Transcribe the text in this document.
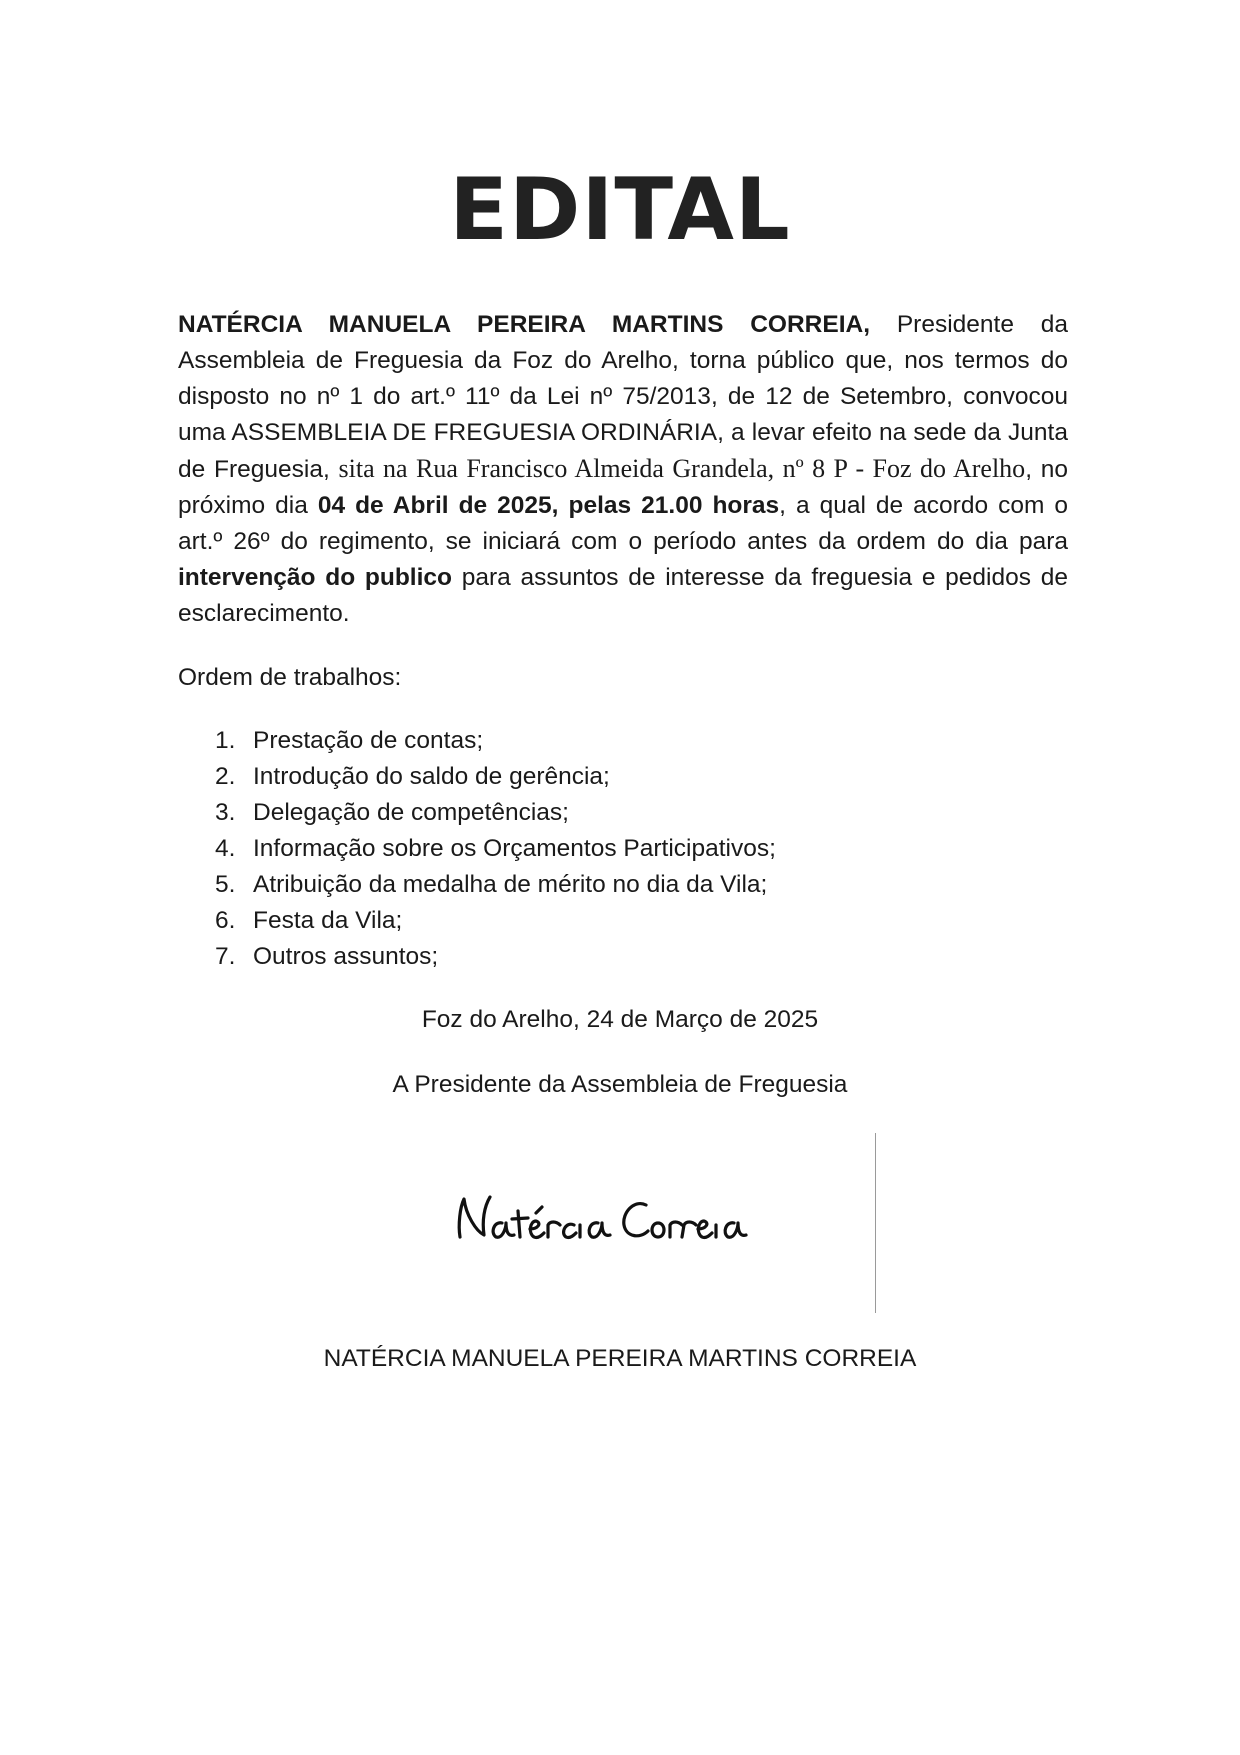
EDITAL

NATÉRCIA MANUELA PEREIRA MARTINS CORREIA, Presidente da Assembleia de Freguesia da Foz do Arelho, torna público que, nos termos do disposto no nº 1 do art.º 11º da Lei nº 75/2013, de 12 de Setembro, convocou uma ASSEMBLEIA DE FREGUESIA ORDINÁRIA, a levar efeito na sede da Junta de Freguesia, sita na Rua Francisco Almeida Grandela, nº 8 P - Foz do Arelho, no próximo dia 04 de Abril de 2025, pelas 21.00 horas, a qual de acordo com o art.º 26º do regimento, se iniciará com o período antes da ordem do dia para intervenção do publico para assuntos de interesse da freguesia e pedidos de esclarecimento.

Ordem de trabalhos:
1. Prestação de contas;
2. Introdução do saldo de gerência;
3. Delegação de competências;
4. Informação sobre os Orçamentos Participativos;
5. Atribuição da medalha de mérito no dia da Vila;
6. Festa da Vila;
7. Outros assuntos;
Foz do Arelho, 24 de Março de 2025
A Presidente da Assembleia de Freguesia
NATÉRCIA MANUELA PEREIRA MARTINS CORREIA
